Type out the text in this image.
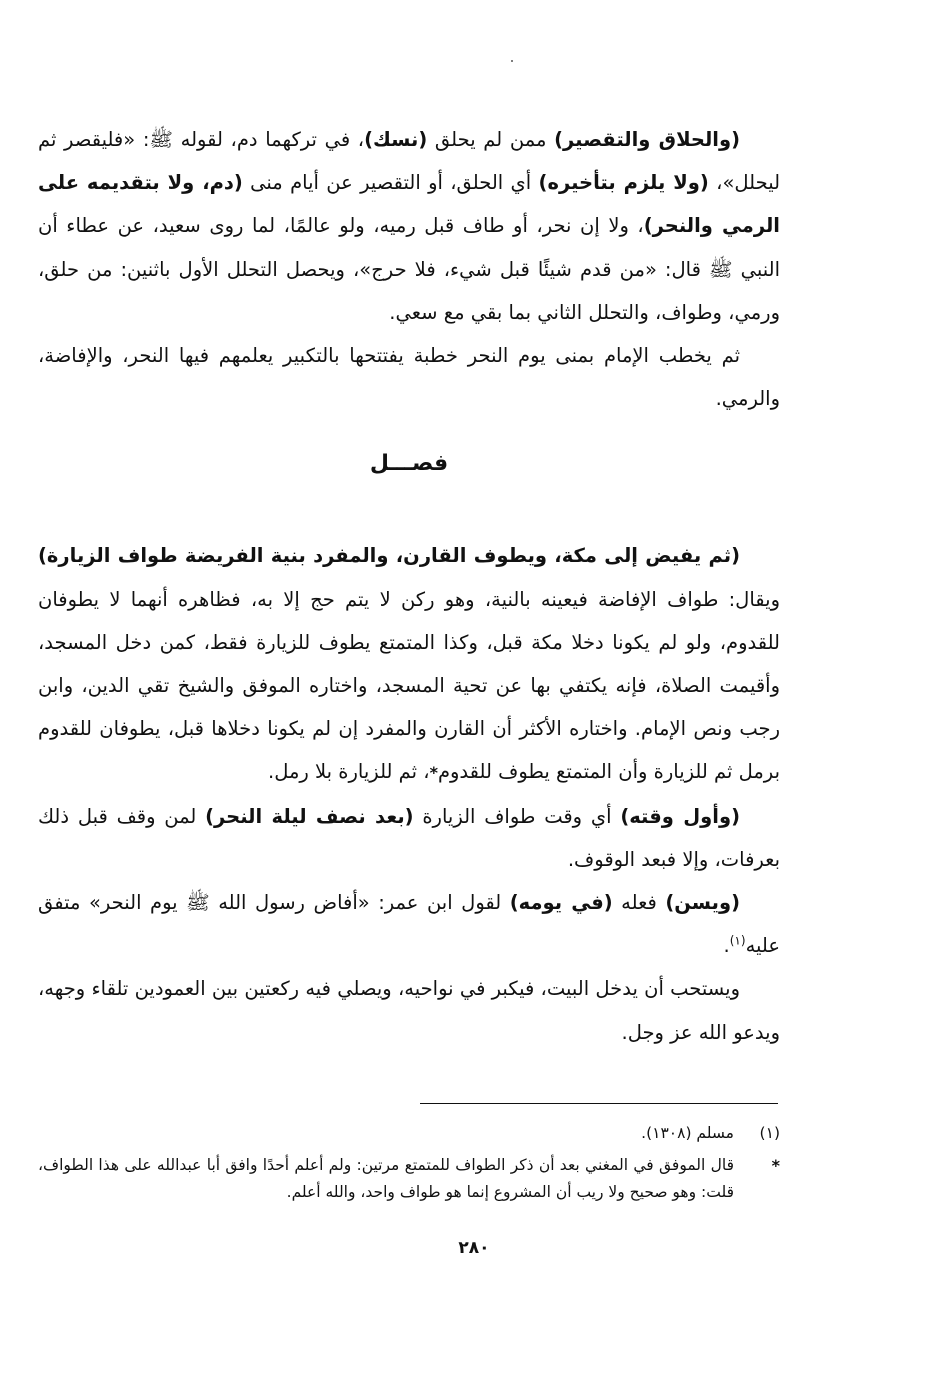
(والحلاق والتقصير) ممن لم يحلق (نسك)، في تركهما دم، لقوله ﷺ: «فليقصر ثم ليحلل»، (ولا يلزم بتأخيره) أي الحلق، أو التقصير عن أيام منى (دم، ولا بتقديمه على الرمي والنحر)، ولا إن نحر، أو طاف قبل رميه، ولو عالمًا، لما روى سعيد، عن عطاء أن النبي ﷺ قال: «من قدم شيئًا قبل شيء، فلا حرج»، ويحصل التحلل الأول باثنين: من حلق، ورمي، وطواف، والتحلل الثاني بما بقي مع سعي.

ثم يخطب الإمام بمنى يوم النحر خطبة يفتتحها بالتكبير يعلمهم فيها النحر، والإفاضة، والرمي.

فصـــل

(ثم يفيض إلى مكة، ويطوف القارن، والمفرد بنية الفريضة طواف الزيارة) ويقال: طواف الإفاضة فيعينه بالنية، وهو ركن لا يتم حج إلا به، فظاهره أنهما لا يطوفان للقدوم، ولو لم يكونا دخلا مكة قبل، وكذا المتمتع يطوف للزيارة فقط، كمن دخل المسجد، وأقيمت الصلاة، فإنه يكتفي بها عن تحية المسجد، واختاره الموفق والشيخ تقي الدين، وابن رجب ونص الإمام. واختاره الأكثر أن القارن والمفرد إن لم يكونا دخلاها قبل، يطوفان للقدوم برمل ثم للزيارة وأن المتمتع يطوف للقدوم*، ثم للزيارة بلا رمل.

(وأول وقته) أي وقت طواف الزيارة (بعد نصف ليلة النحر) لمن وقف قبل ذلك بعرفات، وإلا فبعد الوقوف.

(ويسن) فعله (في يومه) لقول ابن عمر: «أفاض رسول الله ﷺ يوم النحر» متفق عليه$^{(١)}$.

ويستحب أن يدخل البيت، فيكبر في نواحيه، ويصلي فيه ركعتين بين العمودين تلقاء وجهه، ويدعو الله عز وجل.

(١)
مسلم (١٣٠٨).
*
قال الموفق في المغني بعد أن ذكر الطواف للمتمتع مرتين: ولم أعلم أحدًا وافق أبا عبدالله على هذا الطواف، قلت: وهو صحيح ولا ريب أن المشروع إنما هو طواف واحد، والله أعلم.
٢٨٠
